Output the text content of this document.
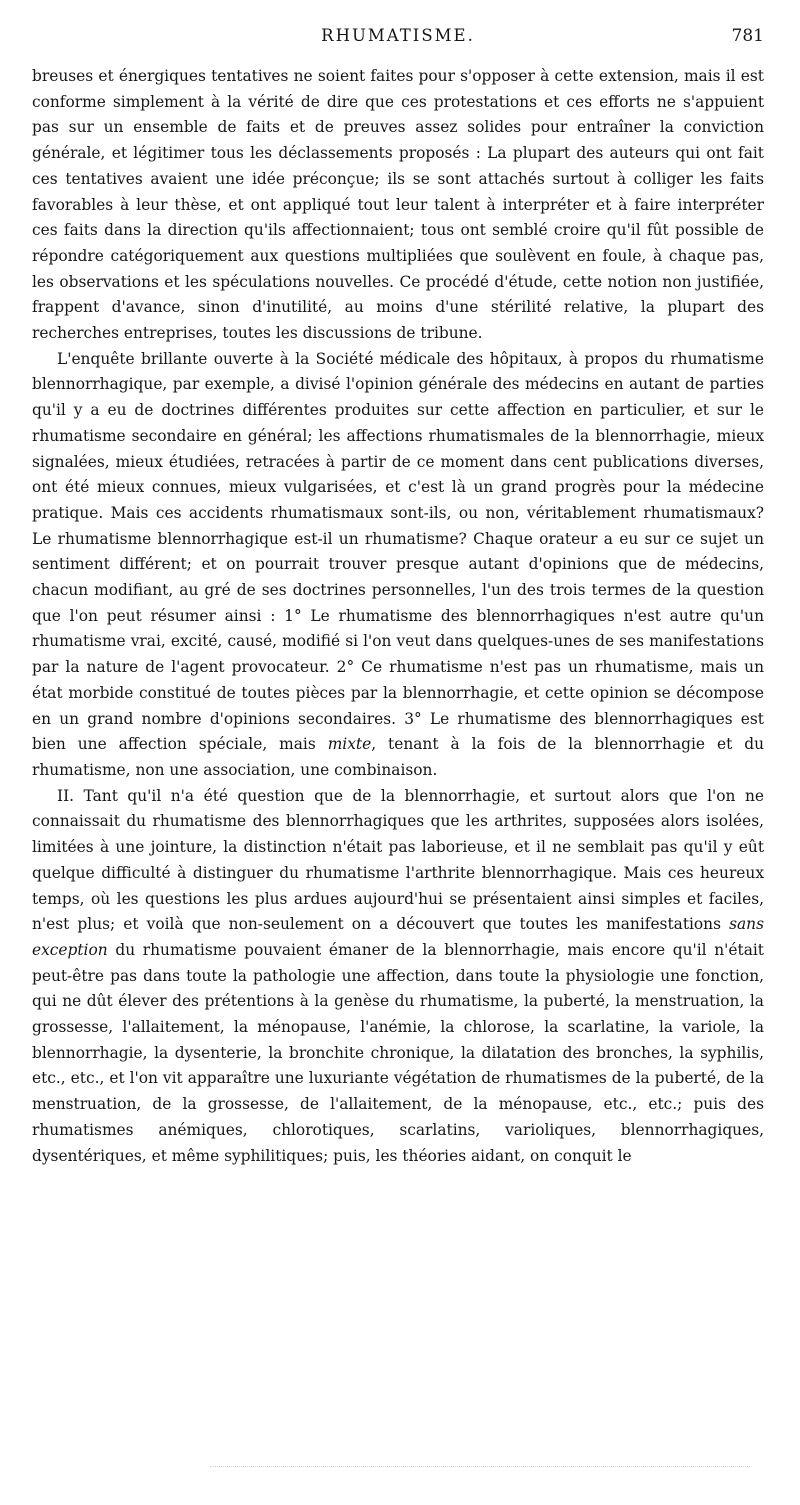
RHUMATISME.	781

breuses et énergiques tentatives ne soient faites pour s'opposer à cette extension, mais il est conforme simplement à la vérité de dire que ces protestations et ces efforts ne s'appuient pas sur un ensemble de faits et de preuves assez solides pour entraîner la conviction générale, et légitimer tous les déclassements proposés : La plupart des auteurs qui ont fait ces tentatives avaient une idée préconçue; ils se sont attachés surtout à colliger les faits favorables à leur thèse, et ont appliqué tout leur talent à interpréter et à faire interpréter ces faits dans la direction qu'ils affectionnaient; tous ont semblé croire qu'il fût possible de répondre catégoriquement aux questions multipliées que soulèvent en foule, à chaque pas, les observations et les spéculations nouvelles. Ce procédé d'étude, cette notion non justifiée, frappent d'avance, sinon d'inutilité, au moins d'une stérilité relative, la plupart des recherches entreprises, toutes les discussions de tribune.

L'enquête brillante ouverte à la Société médicale des hôpitaux, à propos du rhumatisme blennorrhagique, par exemple, a divisé l'opinion générale des médecins en autant de parties qu'il y a eu de doctrines différentes produites sur cette affection en particulier, et sur le rhumatisme secondaire en général; les affections rhumatismales de la blennorrhagie, mieux signalées, mieux étudiées, retracées à partir de ce moment dans cent publications diverses, ont été mieux connues, mieux vulgarisées, et c'est là un grand progrès pour la médecine pratique. Mais ces accidents rhumatismaux sont-ils, ou non, véritablement rhumatismaux? Le rhumatisme blennorrhagique est-il un rhumatisme? Chaque orateur a eu sur ce sujet un sentiment différent; et on pourrait trouver presque autant d'opinions que de médecins, chacun modifiant, au gré de ses doctrines personnelles, l'un des trois termes de la question que l'on peut résumer ainsi : 1° Le rhumatisme des blennorrhagiques n'est autre qu'un rhumatisme vrai, excité, causé, modifié si l'on veut dans quelques-unes de ses manifestations par la nature de l'agent provocateur. 2° Ce rhumatisme n'est pas un rhumatisme, mais un état morbide constitué de toutes pièces par la blennorrhagie, et cette opinion se décompose en un grand nombre d'opinions secondaires. 3° Le rhumatisme des blennorrhagiques est bien une affection spéciale, mais mixte, tenant à la fois de la blennorrhagie et du rhumatisme, non une association, une combinaison.

II. Tant qu'il n'a été question que de la blennorrhagie, et surtout alors que l'on ne connaissait du rhumatisme des blennorrhagiques que les arthrites, supposées alors isolées, limitées à une jointure, la distinction n'était pas laborieuse, et il ne semblait pas qu'il y eût quelque difficulté à distinguer du rhumatisme l'arthrite blennorrhagique. Mais ces heureux temps, où les questions les plus ardues aujourd'hui se présentaient ainsi simples et faciles, n'est plus; et voilà que non-seulement on a découvert que toutes les manifestations sans exception du rhumatisme pouvaient émaner de la blennorrhagie, mais encore qu'il n'était peut-être pas dans toute la pathologie une affection, dans toute la physiologie une fonction, qui ne dût élever des prétentions à la genèse du rhumatisme, la puberté, la menstruation, la grossesse, l'allaitement, la ménopause, l'anémie, la chlorose, la scarlatine, la variole, la blennorrhagie, la dysenterie, la bronchite chronique, la dilatation des bronches, la syphilis, etc., etc., et l'on vit apparaître une luxuriante végétation de rhumatismes de la puberté, de la menstruation, de la grossesse, de l'allaitement, de la ménopause, etc., etc.; puis des rhumatismes anémiques, chlorotiques, scarlatins, varioliques, blennorrhagiques, dysentériques, et même syphilitiques; puis, les théories aidant, on conquit le
